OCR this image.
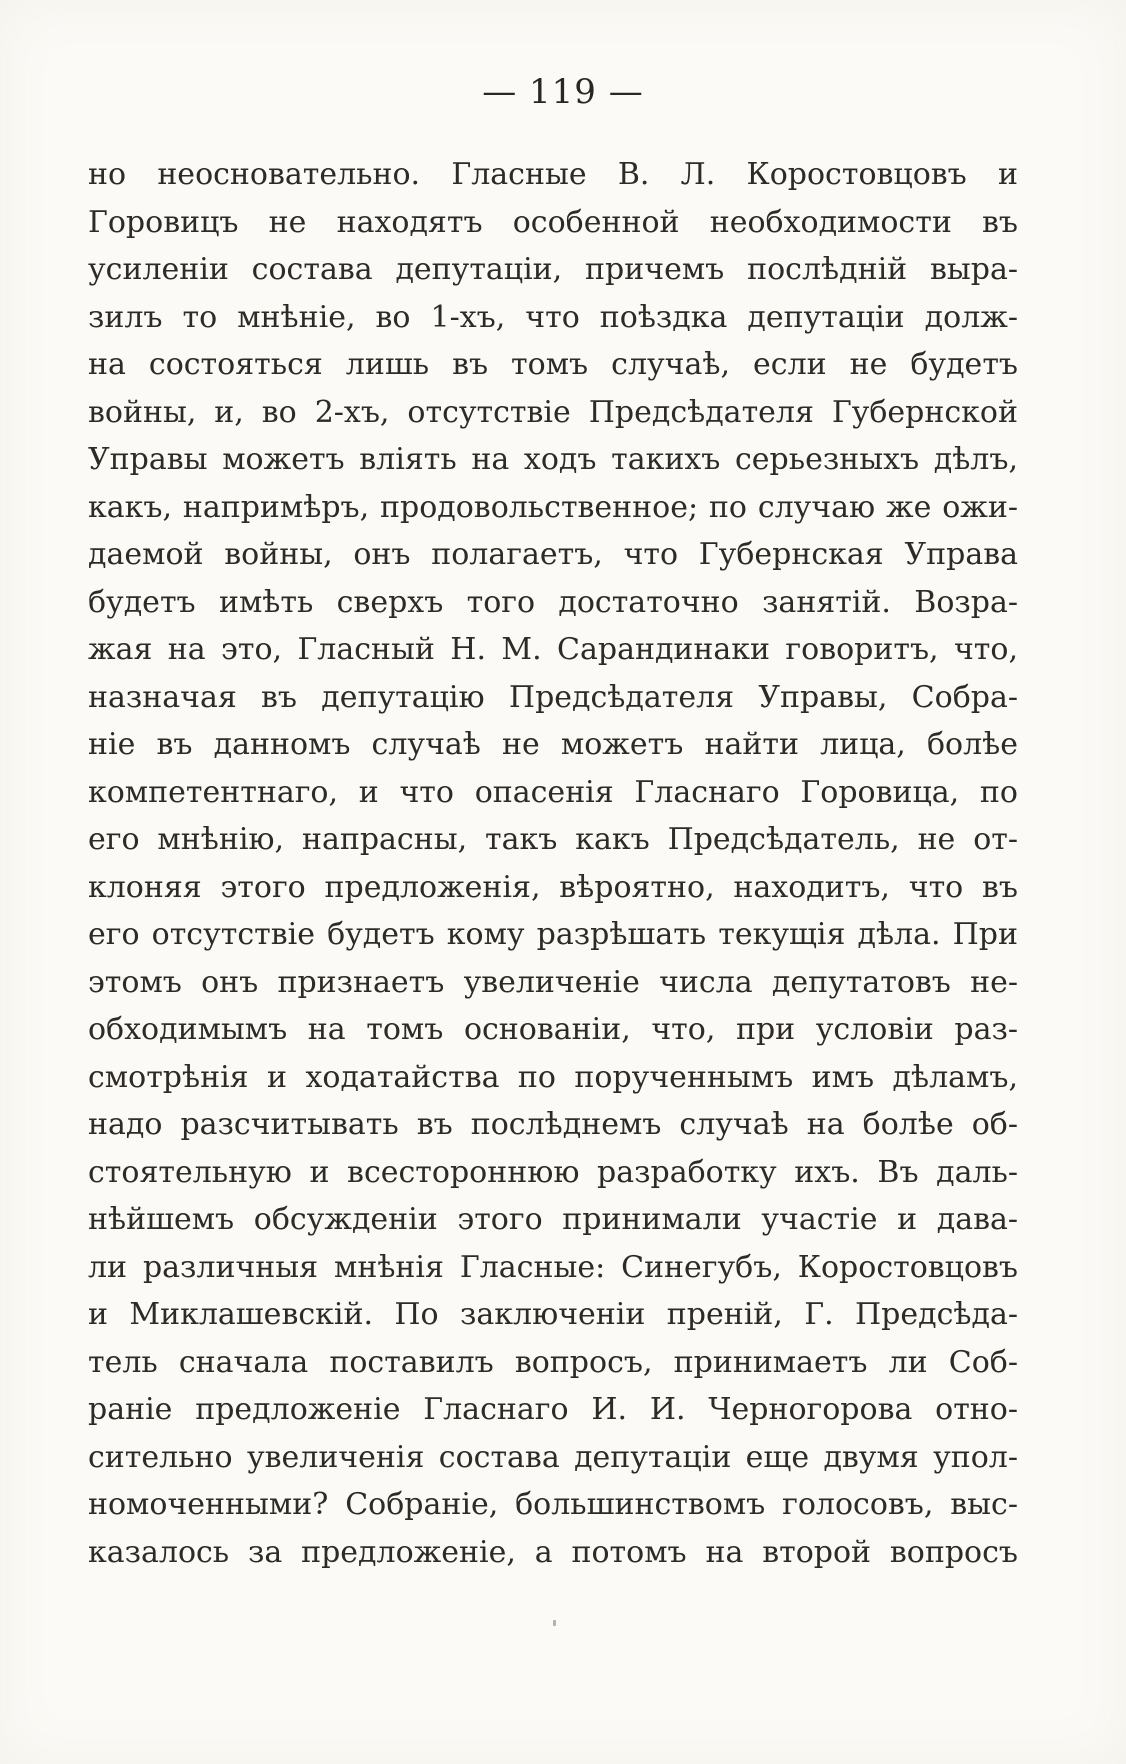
— 119 —
но неосновательно. Гласные В. Л. Коростовцовъ и
Горовицъ не находятъ особенной необходимости въ
усиленіи состава депутаціи, причемъ послѣдній выра-
зилъ то мнѣніе, во 1-хъ, что поѣздка депутаціи долж-
на состояться лишь въ томъ случаѣ, если не будетъ
войны, и, во 2-хъ, отсутствіе Предсѣдателя Губернской
Управы можетъ вліять на ходъ такихъ серьезныхъ дѣлъ,
какъ, напримѣръ, продовольственное; по случаю же ожи-
даемой войны, онъ полагаетъ, что Губернская Управа
будетъ имѣть сверхъ того достаточно занятій. Возра-
жая на это, Гласный Н. М. Сарандинаки говоритъ, что,
назначая въ депутацію Предсѣдателя Управы, Собра-
ніе въ данномъ случаѣ не можетъ найти лица, болѣе
компетентнаго, и что опасенія Гласнаго Горовица, по
его мнѣнію, напрасны, такъ какъ Предсѣдатель, не от-
клоняя этого предложенія, вѣроятно, находитъ, что въ
его отсутствіе будетъ кому разрѣшать текущія дѣла. При
этомъ онъ признаетъ увеличеніе числа депутатовъ не-
обходимымъ на томъ основаніи, что, при условіи раз-
смотрѣнія и ходатайства по порученнымъ имъ дѣламъ,
надо разсчитывать въ послѣднемъ случаѣ на болѣе об-
стоятельную и всестороннюю разработку ихъ. Въ даль-
нѣйшемъ обсужденіи этого принимали участіе и дава-
ли различныя мнѣнія Гласные: Синегубъ, Коростовцовъ
и Миклашевскій. По заключеніи преній, Г. Предсѣда-
тель сначала поставилъ вопросъ, принимаетъ ли Соб-
раніе предложеніе Гласнаго И. И. Черногорова отно-
сительно увеличенія состава депутаціи еще двумя упол-
номоченными? Собраніе, большинствомъ голосовъ, выс-
казалось за предложеніе, а потомъ на второй вопросъ
